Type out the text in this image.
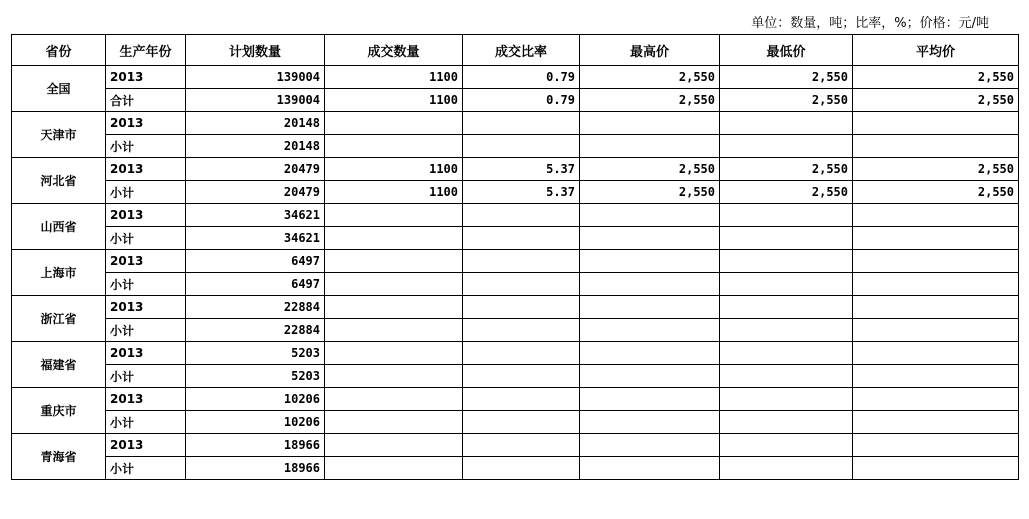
单位：数量，吨；比率，%；价格：元/吨
省份	生产年份	计划数量	成交数量	成交比率	最高价	最低价	平均价
全国	2013	139004	1100	0.79	2,550	2,550	2,550
	合计	139004	1100	0.79	2,550	2,550	2,550
天津市	2013	20148					
	小计	20148					
河北省	2013	20479	1100	5.37	2,550	2,550	2,550
	小计	20479	1100	5.37	2,550	2,550	2,550
山西省	2013	34621					
	小计	34621					
上海市	2013	6497					
	小计	6497					
浙江省	2013	22884					
	小计	22884					
福建省	2013	5203					
	小计	5203					
重庆市	2013	10206					
	小计	10206					
青海省	2013	18966					
	小计	18966					
